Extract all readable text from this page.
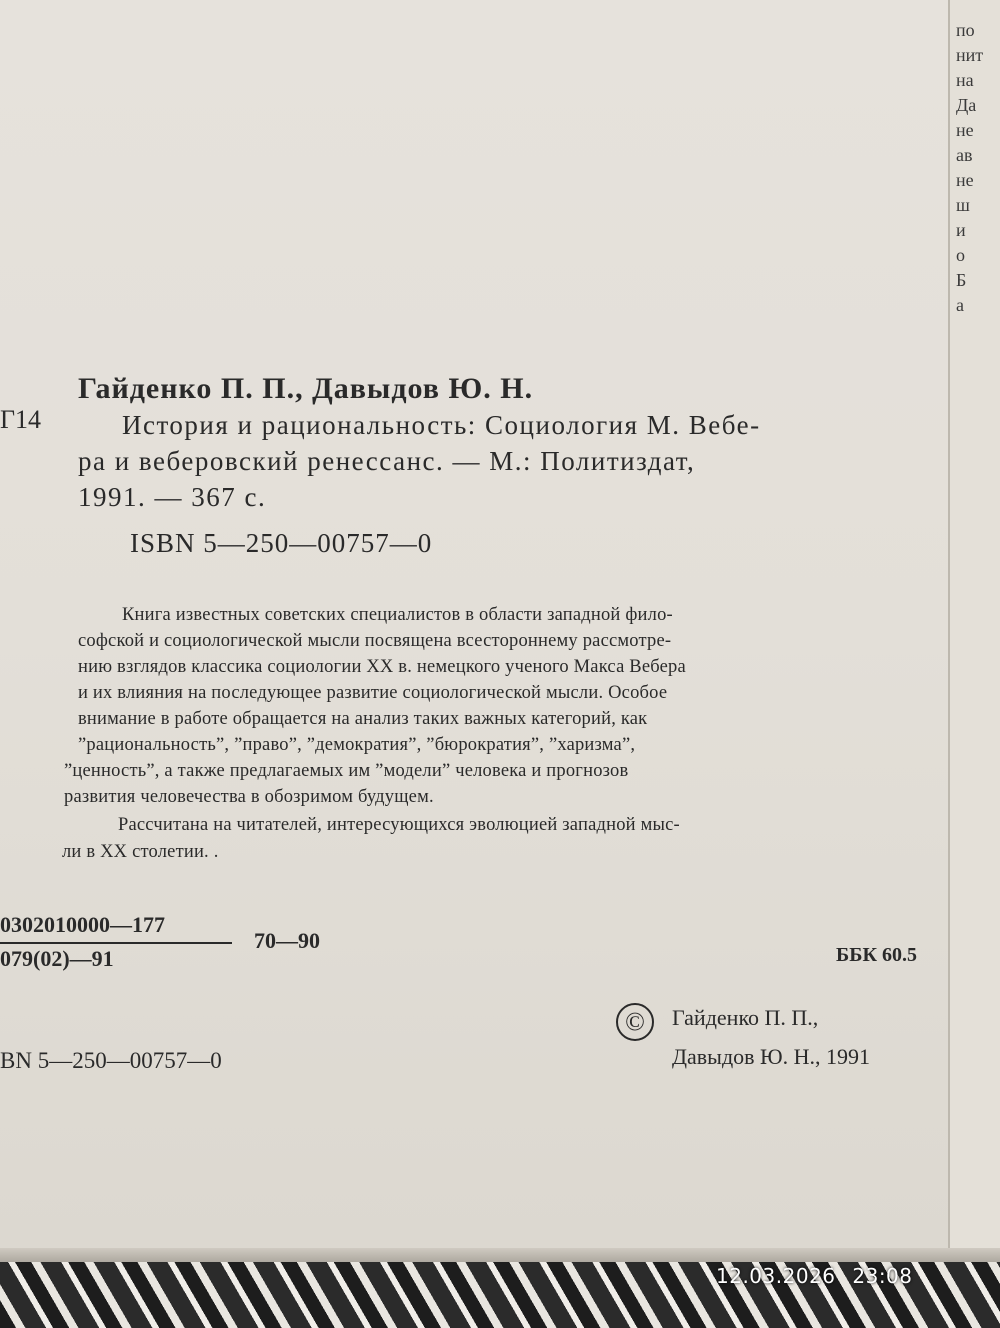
Гайденко П. П., Давыдов Ю. Н.
Г14	История и рациональность: Социология М. Вебе-
ра и веберовский ренессанс. — М.: Политиздат,
1991. — 367 с.
ISBN 5—250—00757—0
Книга известных советских специалистов в области западной фило-
софской и социологической мысли посвящена всестороннему рассмотре-
нию взглядов классика социологии XX в. немецкого ученого Макса Вебера
и их влияния на последующее развитие социологической мысли. Особое
внимание в работе обращается на анализ таких важных категорий, как
”рациональность”, ”право”, ”демократия”, ”бюрократия”, ”харизма”,
”ценность”, а также предлагаемых им ”модели” человека и прогнозов
развития человечества в обозримом будущем.
Рассчитана на читателей, интересующихся эволюцией западной мыс-
ли в XX столетии. .
0302010000—177
079(02)—91
70—90
ББК 60.5
©	Гайденко П. П.,
Давыдов Ю. Н., 1991
BN 5—250—00757—0
по
нит
на
Да
не
ав
не
ш
и
о
Б
а
12.03.2026 23:08
